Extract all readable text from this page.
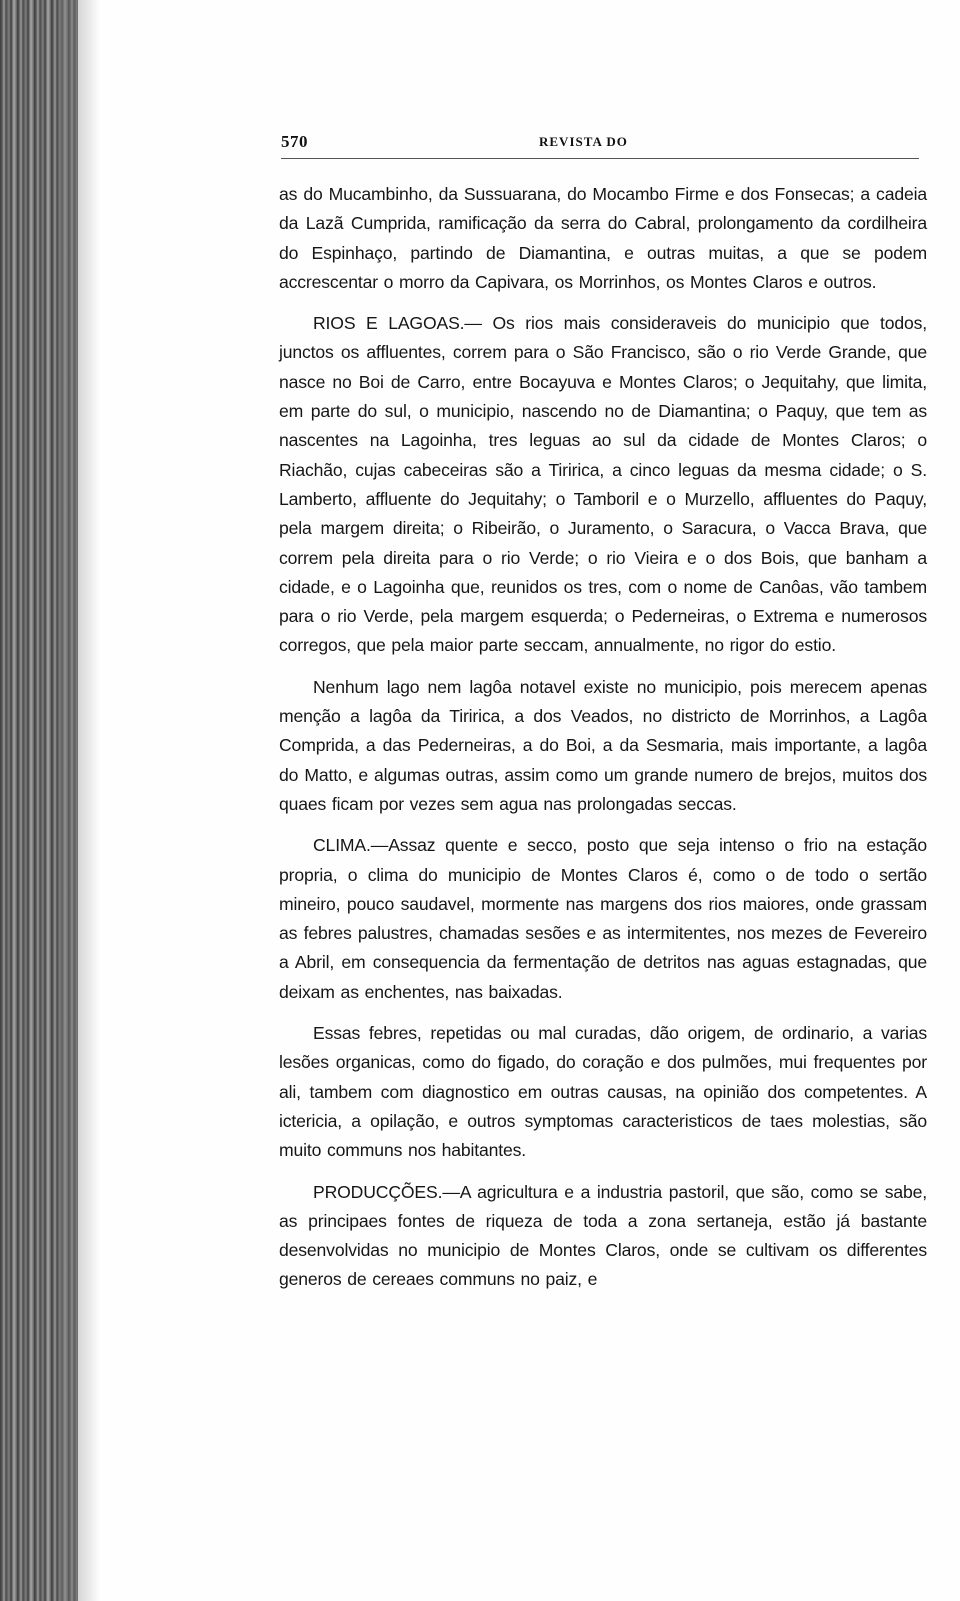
570	REVISTA DO

as do Mucambinho, da Sussuarana, do Mocambo Firme e dos Fonsecas; a cadeia da Lazã Cumprida, ramificação da serra do Cabral, prolongamento da cordilheira do Espinhaço, partindo de Diamantina, e outras muitas, a que se podem accrescentar o morro da Capivara, os Morrinhos, os Montes Claros e outros.

RIOS E LAGOAS.— Os rios mais consideraveis do municipio que todos, junctos os affluentes, correm para o São Francisco, são o rio Verde Grande, que nasce no Boi de Carro, entre Bocayuva e Montes Claros; o Jequitahy, que limita, em parte do sul, o municipio, nascendo no de Diamantina; o Paquy, que tem as nascentes na Lagoinha, tres leguas ao sul da cidade de Montes Claros; o Riachão, cujas cabeceiras são a Tiririca, a cinco leguas da mesma cidade; o S. Lamberto, affluente do Jequitahy; o Tamboril e o Murzello, affluentes do Paquy, pela margem direita; o Ribeirão, o Juramento, o Saracura, o Vacca Brava, que correm pela direita para o rio Verde; o rio Vieira e o dos Bois, que banham a cidade, e o Lagoinha que, reunidos os tres, com o nome de Canôas, vão tambem para o rio Verde, pela margem esquerda; o Pederneiras, o Extrema e numerosos corregos, que pela maior parte seccam, annualmente, no rigor do estio.

Nenhum lago nem lagôa notavel existe no municipio, pois merecem apenas menção a lagôa da Tiririca, a dos Veados, no districto de Morrinhos, a Lagôa Comprida, a das Pederneiras, a do Boi, a da Sesmaria, mais importante, a lagôa do Matto, e algumas outras, assim como um grande numero de brejos, muitos dos quaes ficam por vezes sem agua nas prolongadas seccas.

CLIMA.—Assaz quente e secco, posto que seja intenso o frio na estação propria, o clima do municipio de Montes Claros é, como o de todo o sertão mineiro, pouco saudavel, mormente nas margens dos rios maiores, onde grassam as febres palustres, chamadas sesões e as intermitentes, nos mezes de Fevereiro a Abril, em consequencia da fermentação de detritos nas aguas estagnadas, que deixam as enchentes, nas baixadas.

Essas febres, repetidas ou mal curadas, dão origem, de ordinario, a varias lesões organicas, como do figado, do coração e dos pulmões, mui frequentes por ali, tambem com diagnostico em outras causas, na opinião dos competentes. A ictericia, a opilação, e outros symptomas caracteristicos de taes molestias, são muito communs nos habitantes.

PRODUCÇÕES.—A agricultura e a industria pastoril, que são, como se sabe, as principaes fontes de riqueza de toda a zona sertaneja, estão já bastante desenvolvidas no municipio de Montes Claros, onde se cultivam os differentes generos de cereaes communs no paiz, e
